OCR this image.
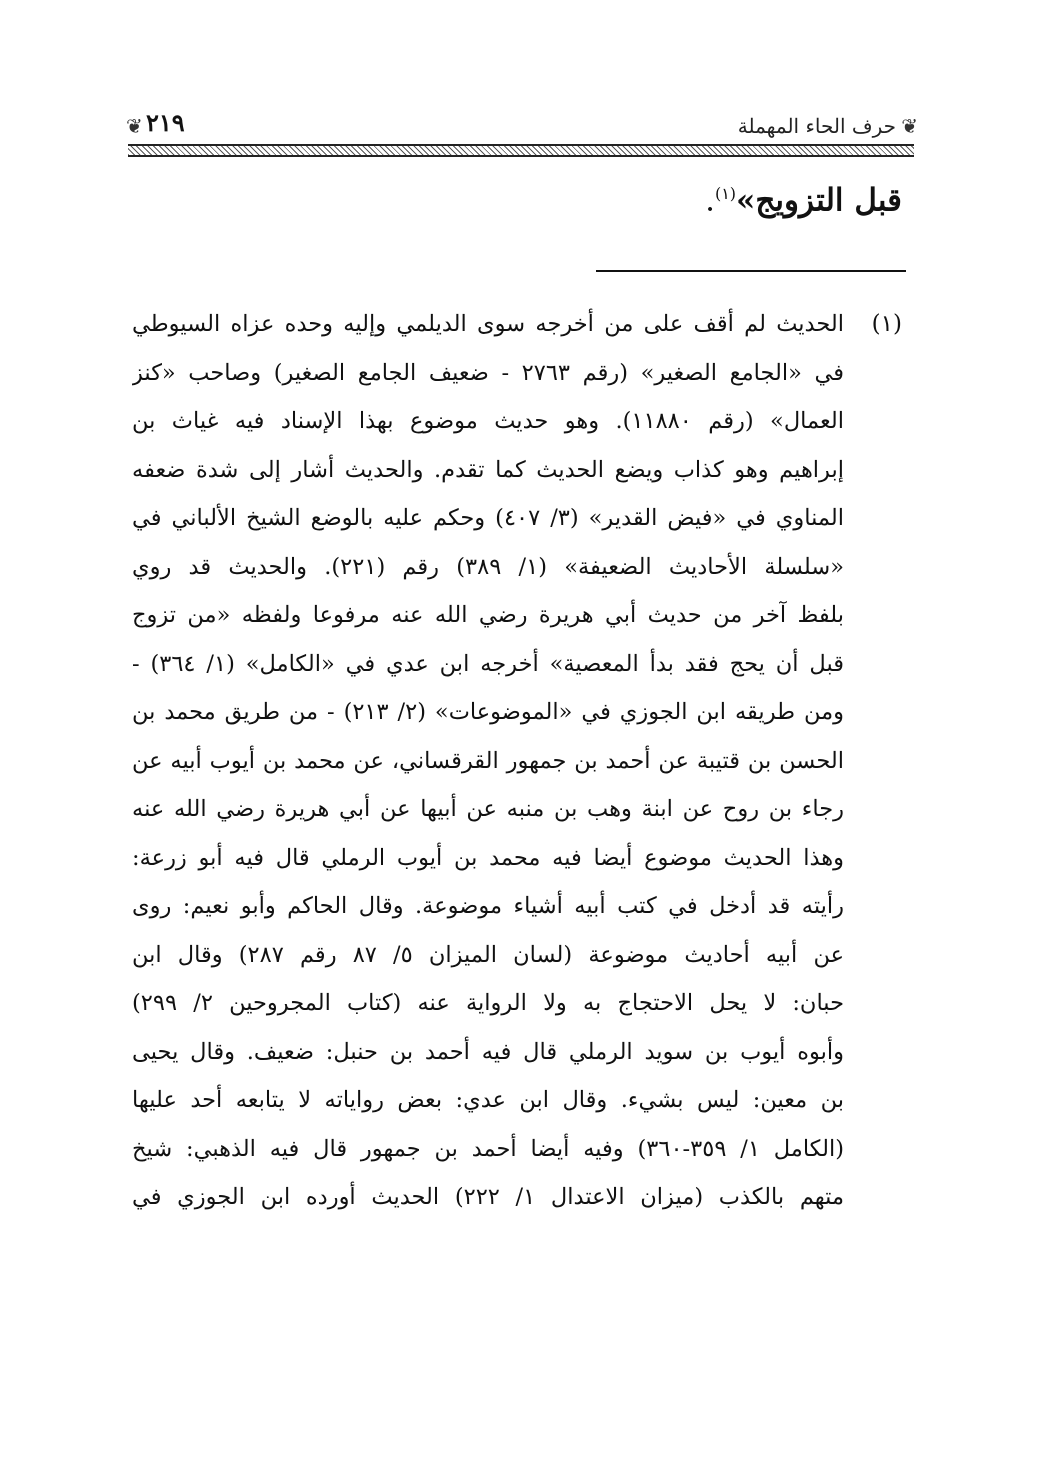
❦
حرف الحاء المهملة
٢١٩
❦
قبل التزويج»$^{(١)}$.
(١)
الحديث لم أقف على من أخرجه سوى الديلمي وإليه وحده عزاه السيوطي
في «الجامع الصغير» (رقم ٢٧٦٣ - ضعيف الجامع الصغير) وصاحب «كنز
العمال» (رقم ١١٨٨٠). وهو حديث موضوع بهذا الإسناد فيه غياث بن
إبراهيم وهو كذاب ويضع الحديث كما تقدم. والحديث أشار إلى شدة ضعفه
المناوي في «فيض القدير» (٣/ ٤٠٧) وحكم عليه بالوضع الشيخ الألباني في
«سلسلة الأحاديث الضعيفة» (١/ ٣٨٩) رقم (٢٢١). والحديث قد روي
بلفظ آخر من حديث أبي هريرة رضي الله عنه مرفوعا ولفظه «من تزوج
قبل أن يحج فقد بدأ المعصية» أخرجه ابن عدي في «الكامل» (١/ ٣٦٤) -
ومن طريقه ابن الجوزي في «الموضوعات» (٢/ ٢١٣) - من طريق محمد بن
الحسن بن قتيبة عن أحمد بن جمهور القرقساني، عن محمد بن أيوب أبيه عن
رجاء بن روح عن ابنة وهب بن منبه عن أبيها عن أبي هريرة رضي الله عنه
وهذا الحديث موضوع أيضا فيه محمد بن أيوب الرملي قال فيه أبو زرعة:
رأيته قد أدخل في كتب أبيه أشياء موضوعة. وقال الحاكم وأبو نعيم: روى
عن أبيه أحاديث موضوعة (لسان الميزان ٥/ ٨٧ رقم ٢٨٧) وقال ابن
حبان: لا يحل الاحتجاج به ولا الرواية عنه (كتاب المجروحين ٢/ ٢٩٩)
وأبوه أيوب بن سويد الرملي قال فيه أحمد بن حنبل: ضعيف. وقال يحيى
بن معين: ليس بشيء. وقال ابن عدي: بعض رواياته لا يتابعه أحد عليها
(الكامل ١/ ٣٥٩-٣٦٠) وفيه أيضا أحمد بن جمهور قال فيه الذهبي: شيخ
متهم بالكذب (ميزان الاعتدال ١/ ٢٢٢) الحديث أورده ابن الجوزي في
